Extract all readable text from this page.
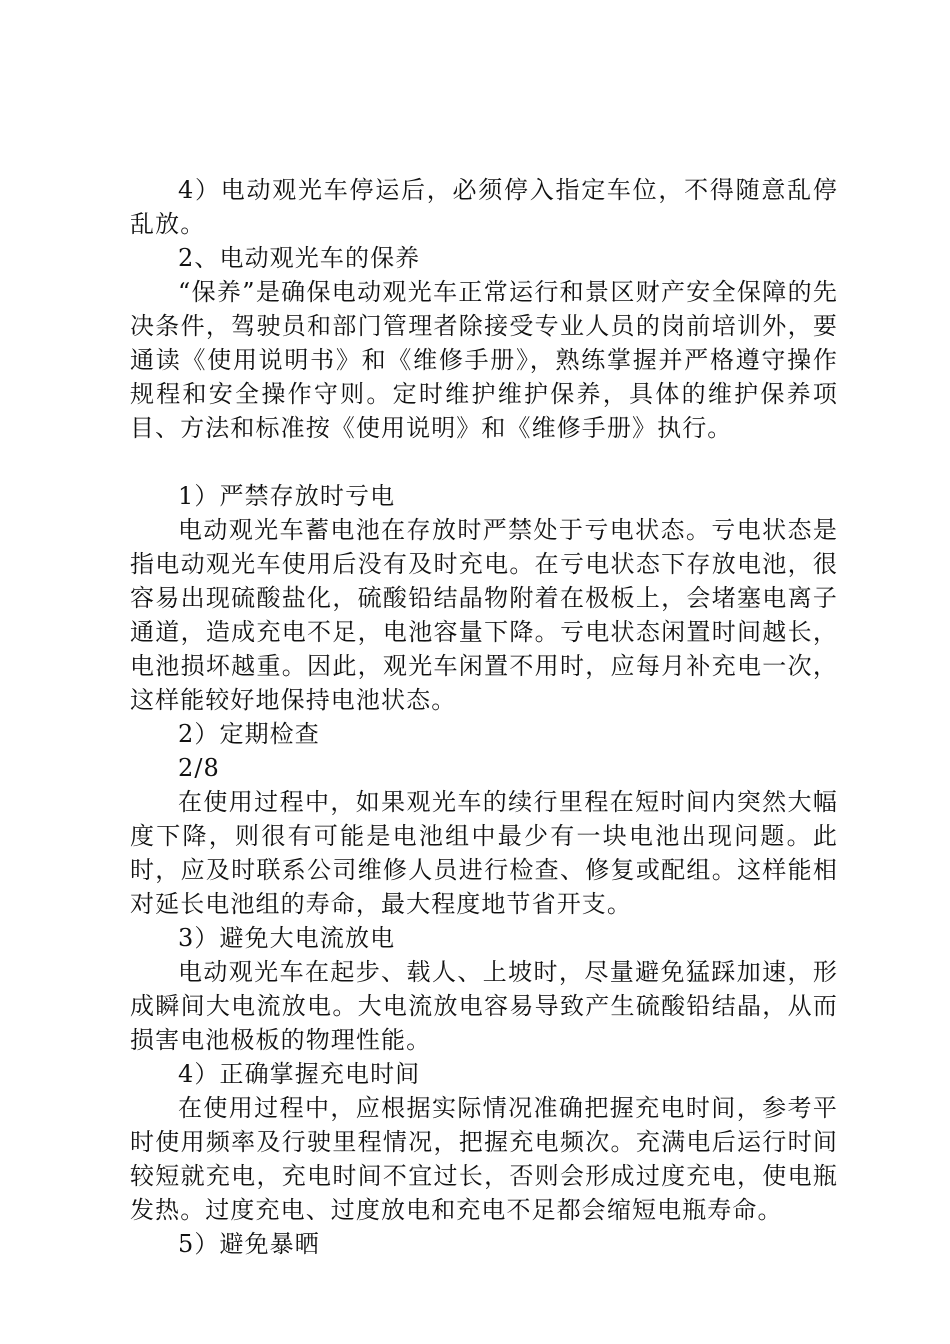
4）电动观光车停运后，必须停入指定车位，不得随意乱停乱放。

2、电动观光车的保养

“保养”是确保电动观光车正常运行和景区财产安全保障的先决条件，驾驶员和部门管理者除接受专业人员的岗前培训外，要通读《使用说明书》和《维修手册》，熟练掌握并严格遵守操作规程和安全操作守则。定时维护维护保养，具体的维护保养项目、方法和标准按《使用说明》和《维修手册》执行。

1）严禁存放时亏电

电动观光车蓄电池在存放时严禁处于亏电状态。亏电状态是指电动观光车使用后没有及时充电。在亏电状态下存放电池，很容易出现硫酸盐化，硫酸铅结晶物附着在极板上，会堵塞电离子通道，造成充电不足，电池容量下降。亏电状态闲置时间越长，电池损坏越重。因此，观光车闲置不用时，应每月补充电一次，这样能较好地保持电池状态。

2）定期检查

2/8

在使用过程中，如果观光车的续行里程在短时间内突然大幅度下降，则很有可能是电池组中最少有一块电池出现问题。此时，应及时联系公司维修人员进行检查、修复或配组。这样能相对延长电池组的寿命，最大程度地节省开支。

3）避免大电流放电

电动观光车在起步、载人、上坡时，尽量避免猛踩加速，形成瞬间大电流放电。大电流放电容易导致产生硫酸铅结晶，从而损害电池极板的物理性能。

4）正确掌握充电时间

在使用过程中，应根据实际情况准确把握充电时间，参考平时使用频率及行驶里程情况，把握充电频次。充满电后运行时间较短就充电，充电时间不宜过长，否则会形成过度充电，使电瓶发热。过度充电、过度放电和充电不足都会缩短电瓶寿命。

5）避免暴晒
